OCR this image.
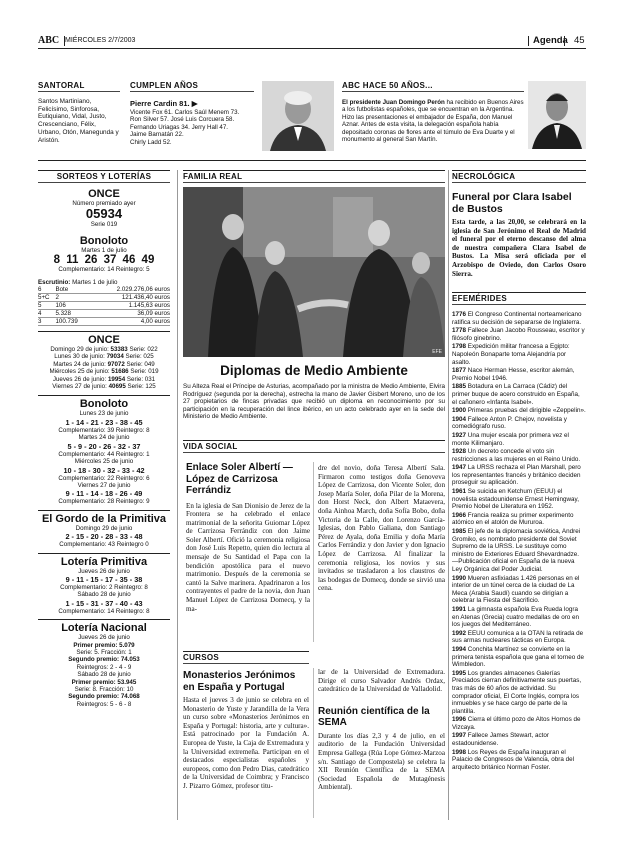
ABC MIÉRCOLES 2/7/2003	Agenda 45
SANTORAL
Santos Martiniano, Felicísimo, Sinforosa, Eutiquiano, Vidal, Justo, Crescenciano, Félix, Urbano, Otón, Manegunda y Aristón.
CUMPLEN AÑOS
Pierre Cardin 81. ▶
Vicente Fox 61. Carlos Saúl Menem 73.
Ron Silver 57. José Luis Corcuera 58.
Fernando Uriagas 34. Jerry Hall 47.
Jaime Barnatán 22.
Chirly Ladd 52.
ABC HACE 50 AÑOS...
El presidente Juan Domingo Perón ha recibido en Buenos Aires a los futbolistas españoles, que se encuentran en la Argentina. Hizo las presentaciones el embajador de España, don Manuel Aznar. Antes de esta visita, la delegación española había depositado coronas de flores ante el túmulo de Eva Duarte y el monumento al general San Martín.
SORTEOS Y LOTERÍAS
ONCE
Número premiado ayer
05934
Serie 019
Bonoloto
Martes 1 de julio
8 11 26 37 46 49
Complementario: 14 Reintegro: 5
Escrutinio: Martes 1 de julio
6	Bote	2.029.276,06 euros
5+C	2	121.436,40 euros
5	106	1.145,63 euros
4	5.328	36,09 euros
3	100.739	4,00 euros
ONCE
Domingo 29 de junio: 53383 Serie: 022
Lunes 30 de junio: 79034 Serie: 025
Martes 24 de junio: 97072 Serie: 049
Miércoles 25 de junio: 51686 Serie: 019
Jueves 26 de junio: 19954 Serie: 031
Viernes 27 de junio: 40695 Serie: 125
Bonoloto
Lunes 23 de junio
1 - 14 - 21 - 23 - 38 - 45
Complementario: 39 Reintegro: 8
Martes 24 de junio
5 - 9 - 20 - 26 - 32 - 37
Complementario: 44 Reintegro: 1
Miércoles 25 de junio
10 - 18 - 30 - 32 - 33 - 42
Complementario: 22 Reintegro: 6
Viernes 27 de junio
9 - 11 - 14 - 18 - 26 - 49
Complementario: 28 Reintegro: 9
El Gordo de la Primitiva
Domingo 29 de junio
2 - 15 - 20 - 28 - 33 - 48
Complementario: 43 Reintegro 0
Lotería Primitiva
Jueves 26 de junio
9 - 11 - 15 - 17 - 35 - 38
Complementario: 2 Reintegro: 8
Sábado 28 de junio
1 - 15 - 31 - 37 - 40 - 43
Complementario: 14 Reintegro: 8
Lotería Nacional
Jueves 26 de junio
Primer premio: 5.079
Serie: 5. Fracción: 1
Segundo premio: 74.053
Reintegros: 2 - 4 - 9
Sábado 28 de junio
Primer premio: 53.945
Serie: 8. Fracción: 10
Segundo premio: 74.068
Reintegros: 5 - 6 - 8
FAMILIA REAL
EFE
Diplomas de Medio Ambiente
Su Alteza Real el Príncipe de Asturias, acompañado por la ministra de Medio Ambiente, Elvira Rodríguez (segunda por la derecha), estrecha la mano de Javier Gisbert Moreno, uno de los 27 propietarios de fincas privadas que recibió un diploma en reconocimiento por su participación en la recuperación del lince ibérico, en un acto celebrado ayer en la sede del Ministerio de Medio Ambiente.
VIDA SOCIAL
Enlace Soler Albertí — López de Carrizosa Ferrándiz
En la iglesia de San Dionisio de Jerez de la Frontera se ha celebrado el enlace matrimonial de la señorita Guiomar López de Carrizosa Ferrándiz con don Jaime Soler Albertí. Ofició la ceremonia religiosa don José Luis Repetto, quien dio lectura al mensaje de Su Santidad el Papa con la bendición apostólica para el nuevo matrimonio. Después de la ceremonia se cantó la Salve marinera. Apadrinaron a los contrayentes el padre de la novia, don Juan Manuel López de Carrizosa Domecq, y la ma-
dre del novio, doña Teresa Albertí Sala. Firmaron como testigos doña Genoveva López de Carrizosa, don Vicente Soler, don Josep María Soler, doña Pilar de la Morena, don Horst Neck, don Albert Mataevera, doña Ainhoa March, doña Sofía Bobo, doña Victoria de la Calle, don Lorenzo García-Iglesias, don Pablo Galiana, don Santiago Pérez de Ayala, doña Emilia y doña María Carlos Ferrándiz y don Javier y don Ignacio López de Carrizosa. Al finalizar la ceremonia religiosa, los novios y sus invitados se trasladaron a los claustros de las bodegas de Domecq, donde se sirvió una cena.
CURSOS
Monasterios Jerónimos en España y Portugal
Hasta el jueves 3 de junio se celebra en el Monasterio de Yuste y Jarandilla de la Vera un curso sobre «Monasterios Jerónimos en España y Portugal: historia, arte y cultura». Está patrocinado por la Fundación A. Europea de Yuste, la Caja de Extremadura y la Universidad extremeña. Participan en el destacados especialistas españoles y europeos, como don Pedro Dias, catedrático de la Universidad de Coimbra; y Francisco J. Pizarro Gómez, profesor titu-
lar de la Universidad de Extremadura. Dirige el curso Salvador Andrés Ordax, catedrático de la Universidad de Valladolid.
Reunión científica de la SEMA
Durante los días 2,3 y 4 de julio, en el auditorio de la Fundación Universidad Empresa Gallega (Rúa Lope Gómez-Marzoa s/n. Santiago de Compostela) se celebra la XII Reunión Científica de la SEMA (Sociedad Española de Mutagénesis Ambiental).
NECROLÓGICA
Funeral por Clara Isabel de Bustos
Esta tarde, a las 20,00, se celebrará en la iglesia de San Jerónimo el Real de Madrid el funeral por el eterno descanso del alma de nuestra compañera Clara Isabel de Bustos. La Misa será oficiada por el Arzobispo de Oviedo, don Carlos Osoro Sierra.
EFEMÉRIDES
1776 El Congreso Continental norteamericano ratifica su decisión de separarse de Inglaterra.
1778 Fallece Juan Jacobo Rousseau, escritor y filósofo ginebrino.
1798 Expedición militar francesa a Egipto: Napoleón Bonaparte toma Alejandría por asalto.
1877 Nace Herman Hesse, escritor alemán, Premio Nobel 1946.
1885 Botadura en La Carraca (Cádiz) del primer buque de acero construido en España, el cañonero «Infanta Isabel».
1900 Primeras pruebas del dirigible «Zeppelin».
1904 Fallece Anton P. Chejov, novelista y comediógrafo ruso.
1927 Una mujer escala por primera vez el monte Kilimanjaro.
1928 Un decreto concede el voto sin restricciones a las mujeres en el Reino Unido.
1947 La URSS rechaza el Plan Marshall, pero los representantes francés y británico deciden proseguir su aplicación.
1961 Se suicida en Ketchum (EEUU) el novelista estadounidense Ernest Hemingway, Premio Nobel de Literatura en 1952.
1966 Francia realiza su primer experimento atómico en el atolón de Mururoa.
1985 El jefe de la diplomacia soviética, Andrei Gromiko, es nombrado presidente del Soviet Supremo de la URSS. Le sustituye como ministro de Exteriores Eduard Shevardnadze. —Publicación oficial en España de la nueva Ley Orgánica del Poder Judicial.
1990 Mueren asfixiadas 1.426 personas en el interior de un túnel cerca de la ciudad de La Meca (Arabia Saudí) cuando se dirigían a celebrar la Fiesta del Sacrificio.
1991 La gimnasta española Eva Rueda logra en Atenas (Grecia) cuatro medallas de oro en los juegos del Mediterráneo.
1992 EEUU comunica a la OTAN la retirada de sus armas nucleares tácticas en Europa.
1994 Conchita Martínez se convierte en la primera tenista española que gana el torneo de Wimbledon.
1995 Los grandes almacenes Galerías Preciados cierran definitivamente sus puertas, tras más de 60 años de actividad. Su comprador oficial, El Corte Inglés, compra los inmuebles y se hace cargo de parte de la plantilla.
1996 Cierra el último pozo de Altos Hornos de Vizcaya.
1997 Fallece James Stewart, actor estadounidense.
1998 Los Reyes de España inauguran el Palacio de Congresos de Valencia, obra del arquitecto británico Norman Foster.
